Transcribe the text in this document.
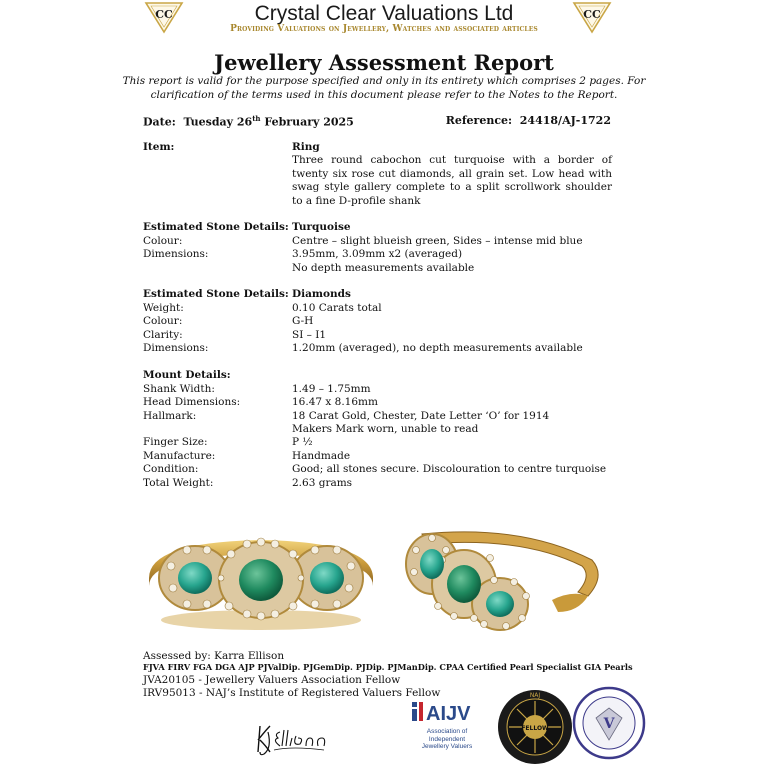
CC	CC
Crystal Clear Valuations Ltd
Providing Valuations on Jewellery, Watches and associated articles
Jewellery Assessment Report
This report is valid for the purpose specified and only in its entirety which comprises 2 pages. For
clarification of the terms used in this document please refer to the Notes to the Report.
Date: Tuesday 26th February 2025	Reference: 24418/AJ-1722
Item:	Ring
Three round cabochon cut turquoise with a border of twenty six rose cut diamonds, all grain set. Low head with swag style gallery complete to a split scrollwork shoulder to a fine D-profile shank
Estimated Stone Details: Turquoise
Colour:	Centre – slight blueish green, Sides – intense mid blue
Dimensions:	3.95mm, 3.09mm x2 (averaged)
No depth measurements available
Estimated Stone Details: Diamonds
Weight:	0.10 Carats total
Colour:	G-H
Clarity:	SI – I1
Dimensions:	1.20mm (averaged), no depth measurements available
Mount Details:
Shank Width:	1.49 – 1.75mm
Head Dimensions:	16.47 x 8.16mm
Hallmark:	18 Carat Gold, Chester, Date Letter ‘O’ for 1914
Makers Mark worn, unable to read
Finger Size:	P ½
Manufacture:	Handmade
Condition:	Good; all stones secure. Discolouration to centre turquoise
Total Weight:	2.63 grams
Assessed by: Karra Ellison
FJVA FIRV FGA DGA AJP PJValDip. PJGemDip. PJDip. PJManDip. CPAA Certified Pearl Specialist GIA Pearls
JVA20105 - Jewellery Valuers Association Fellow
IRV95013 - NAJ’s Institute of Registered Valuers Fellow
AIJV
Association of
Independent
Jewellery Valuers
FELLOW
NAJ
V
